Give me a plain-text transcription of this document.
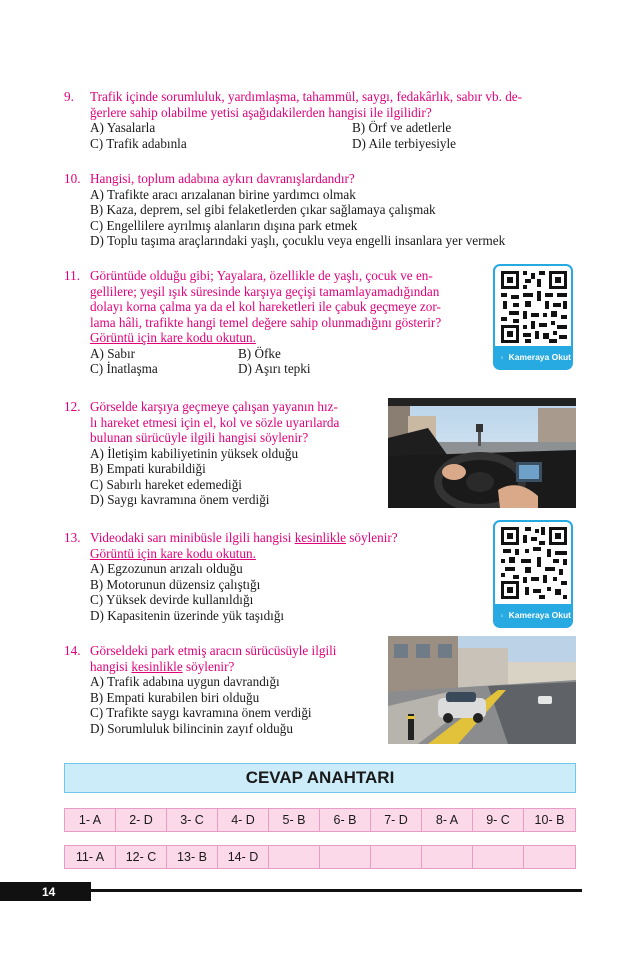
9.	Trafik içinde sorumluluk, yardımlaşma, tahammül, saygı, fedakârlık, sabır vb. de-
ğerlere sahip olabilme yetisi aşağıdakilerden hangisi ile ilgilidir?
A) Yasalarla	B) Örf ve adetlerle
C) Trafik adabınla	D) Aile terbiyesiyle
10. Hangisi, toplum adabına aykırı davranışlardandır?
A) Trafikte aracı arızalanan birine yardımcı olmak
B) Kaza, deprem, sel gibi felaketlerden çıkar sağlamaya çalışmak
C) Engellilere ayrılmış alanların dışına park etmek
D) Toplu taşıma araçlarındaki yaşlı, çocuklu veya engelli insanlara yer vermek
11. Görüntüde olduğu gibi; Yayalara, özellikle de yaşlı, çocuk ve en-
gellilere; yeşil ışık süresinde karşıya geçişi tamamlayamadığından
dolayı korna çalma ya da el kol hareketleri ile çabuk geçmeye zor-
lama hâli, trafikte hangi temel değere sahip olunmadığını gösterir?
Görüntü için kare kodu okutun.
A) Sabır	B) Öfke
C) İnatlaşma	D) Aşırı tepki
Kameraya Okut
12. Görselde karşıya geçmeye çalışan yayanın hız-
lı hareket etmesi için el, kol ve sözle uyarılarda
bulunan sürücüyle ilgili hangisi söylenir?
A) İletişim kabiliyetinin yüksek olduğu
B) Empati kurabildiği
C) Sabırlı hareket edemediği
D) Saygı kavramına önem verdiği
13. Videodaki sarı minibüsle ilgili hangisi kesinlikle söylenir?
Görüntü için kare kodu okutun.
A) Egzozunun arızalı olduğu
B) Motorunun düzensiz çalıştığı
C) Yüksek devirde kullanıldığı
D) Kapasitenin üzerinde yük taşıdığı	Kameraya Okut
14. Görseldeki park etmiş aracın sürücüsüyle ilgili
hangisi kesinlikle söylenir?
A) Trafik adabına uygun davrandığı
B) Empati kurabilen biri olduğu
C) Trafikte saygı kavramına önem verdiği
D) Sorumluluk bilincinin zayıf olduğu
CEVAP ANAHTARI
1- A	2- D	3- C	4- D	5- B	6- B	7- D	8- A	9- C	10- B
11- A	12- C	13- B	14- D
14
